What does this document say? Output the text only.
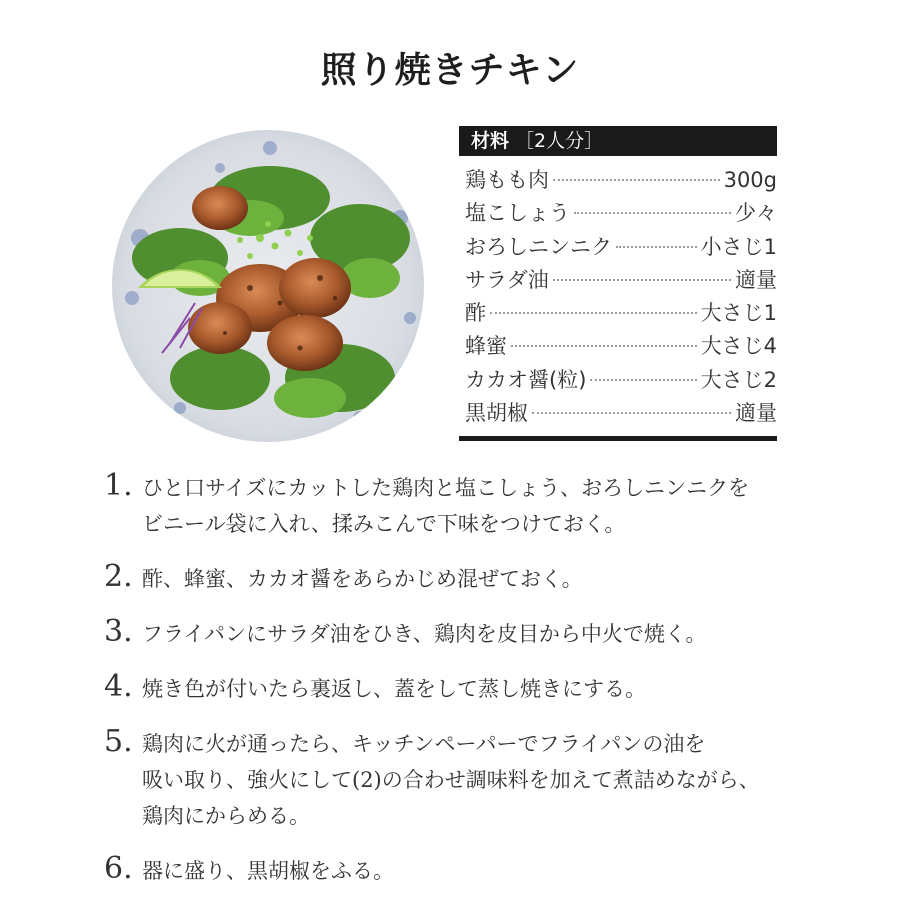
照り焼きチキン
材料 ［2人分］
鶏もも肉	300g
塩こしょう	少々
おろしニンニク	小さじ1
サラダ油	適量
酢	大さじ1
蜂蜜	大さじ4
カカオ醤(粒)	大さじ2
黒胡椒	適量
1. ひと口サイズにカットした鶏肉と塩こしょう、おろしニンニクを
ビニール袋に入れ、揉みこんで下味をつけておく。
2. 酢、蜂蜜、カカオ醤をあらかじめ混ぜておく。
3. フライパンにサラダ油をひき、鶏肉を皮目から中火で焼く。
4. 焼き色が付いたら裏返し、蓋をして蒸し焼きにする。
5. 鶏肉に火が通ったら、キッチンペーパーでフライパンの油を
吸い取り、強火にして(2)の合わせ調味料を加えて煮詰めながら、
鶏肉にからめる。
6. 器に盛り、黒胡椒をふる。
